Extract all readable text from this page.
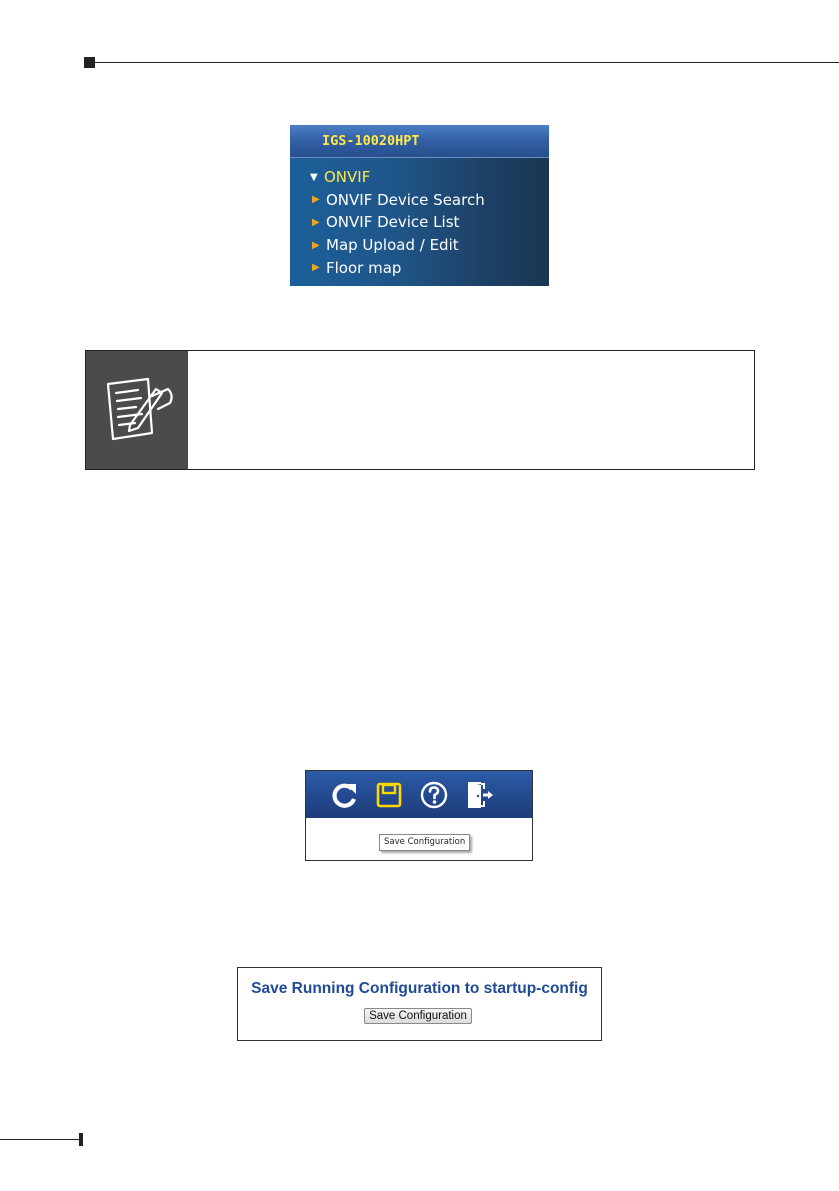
IGS-10020HPT
▼ ONVIF
▶ ONVIF Device Search
▶ ONVIF Device List
▶ Map Upload / Edit
▶ Floor map
Save Configuration
Save Running Configuration to startup-config
Save Configuration
